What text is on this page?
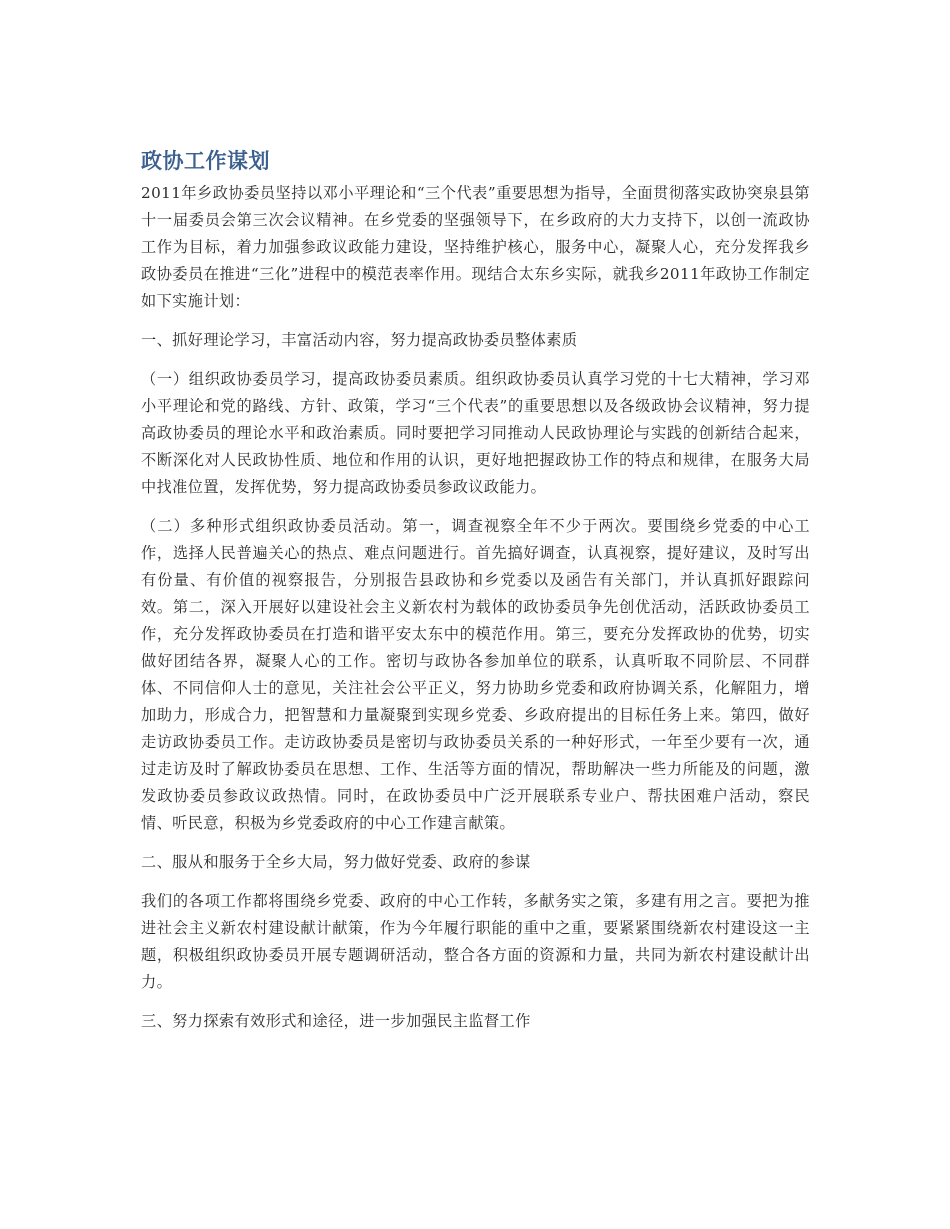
政协工作谋划

2011年乡政协委员坚持以邓小平理论和“三个代表”重要思想为指导，全面贯彻落实政协突泉县第十一届委员会第三次会议精神。在乡党委的坚强领导下，在乡政府的大力支持下，以创一流政协工作为目标，着力加强参政议政能力建设，坚持维护核心，服务中心，凝聚人心，充分发挥我乡政协委员在推进“三化”进程中的模范表率作用。现结合太东乡实际，就我乡2011年政协工作制定如下实施计划：

一、抓好理论学习，丰富活动内容，努力提高政协委员整体素质

（一）组织政协委员学习，提高政协委员素质。组织政协委员认真学习党的十七大精神，学习邓小平理论和党的路线、方针、政策，学习“三个代表”的重要思想以及各级政协会议精神，努力提高政协委员的理论水平和政治素质。同时要把学习同推动人民政协理论与实践的创新结合起来，不断深化对人民政协性质、地位和作用的认识，更好地把握政协工作的特点和规律，在服务大局中找准位置，发挥优势，努力提高政协委员参政议政能力。

（二）多种形式组织政协委员活动。第一，调查视察全年不少于两次。要围绕乡党委的中心工作，选择人民普遍关心的热点、难点问题进行。首先搞好调查，认真视察，提好建议，及时写出有份量、有价值的视察报告，分别报告县政协和乡党委以及函告有关部门，并认真抓好跟踪问效。第二，深入开展好以建设社会主义新农村为载体的政协委员争先创优活动，活跃政协委员工作，充分发挥政协委员在打造和谐平安太东中的模范作用。第三，要充分发挥政协的优势，切实做好团结各界，凝聚人心的工作。密切与政协各参加单位的联系，认真听取不同阶层、不同群体、不同信仰人士的意见，关注社会公平正义，努力协助乡党委和政府协调关系，化解阻力，增加助力，形成合力，把智慧和力量凝聚到实现乡党委、乡政府提出的目标任务上来。第四，做好走访政协委员工作。走访政协委员是密切与政协委员关系的一种好形式，一年至少要有一次，通过走访及时了解政协委员在思想、工作、生活等方面的情况，帮助解决一些力所能及的问题，激发政协委员参政议政热情。同时，在政协委员中广泛开展联系专业户、帮扶困难户活动，察民情、听民意，积极为乡党委政府的中心工作建言献策。

二、服从和服务于全乡大局，努力做好党委、政府的参谋

我们的各项工作都将围绕乡党委、政府的中心工作转，多献务实之策，多建有用之言。要把为推进社会主义新农村建设献计献策，作为今年履行职能的重中之重，要紧紧围绕新农村建设这一主题，积极组织政协委员开展专题调研活动，整合各方面的资源和力量，共同为新农村建设献计出力。

三、努力探索有效形式和途径，进一步加强民主监督工作
